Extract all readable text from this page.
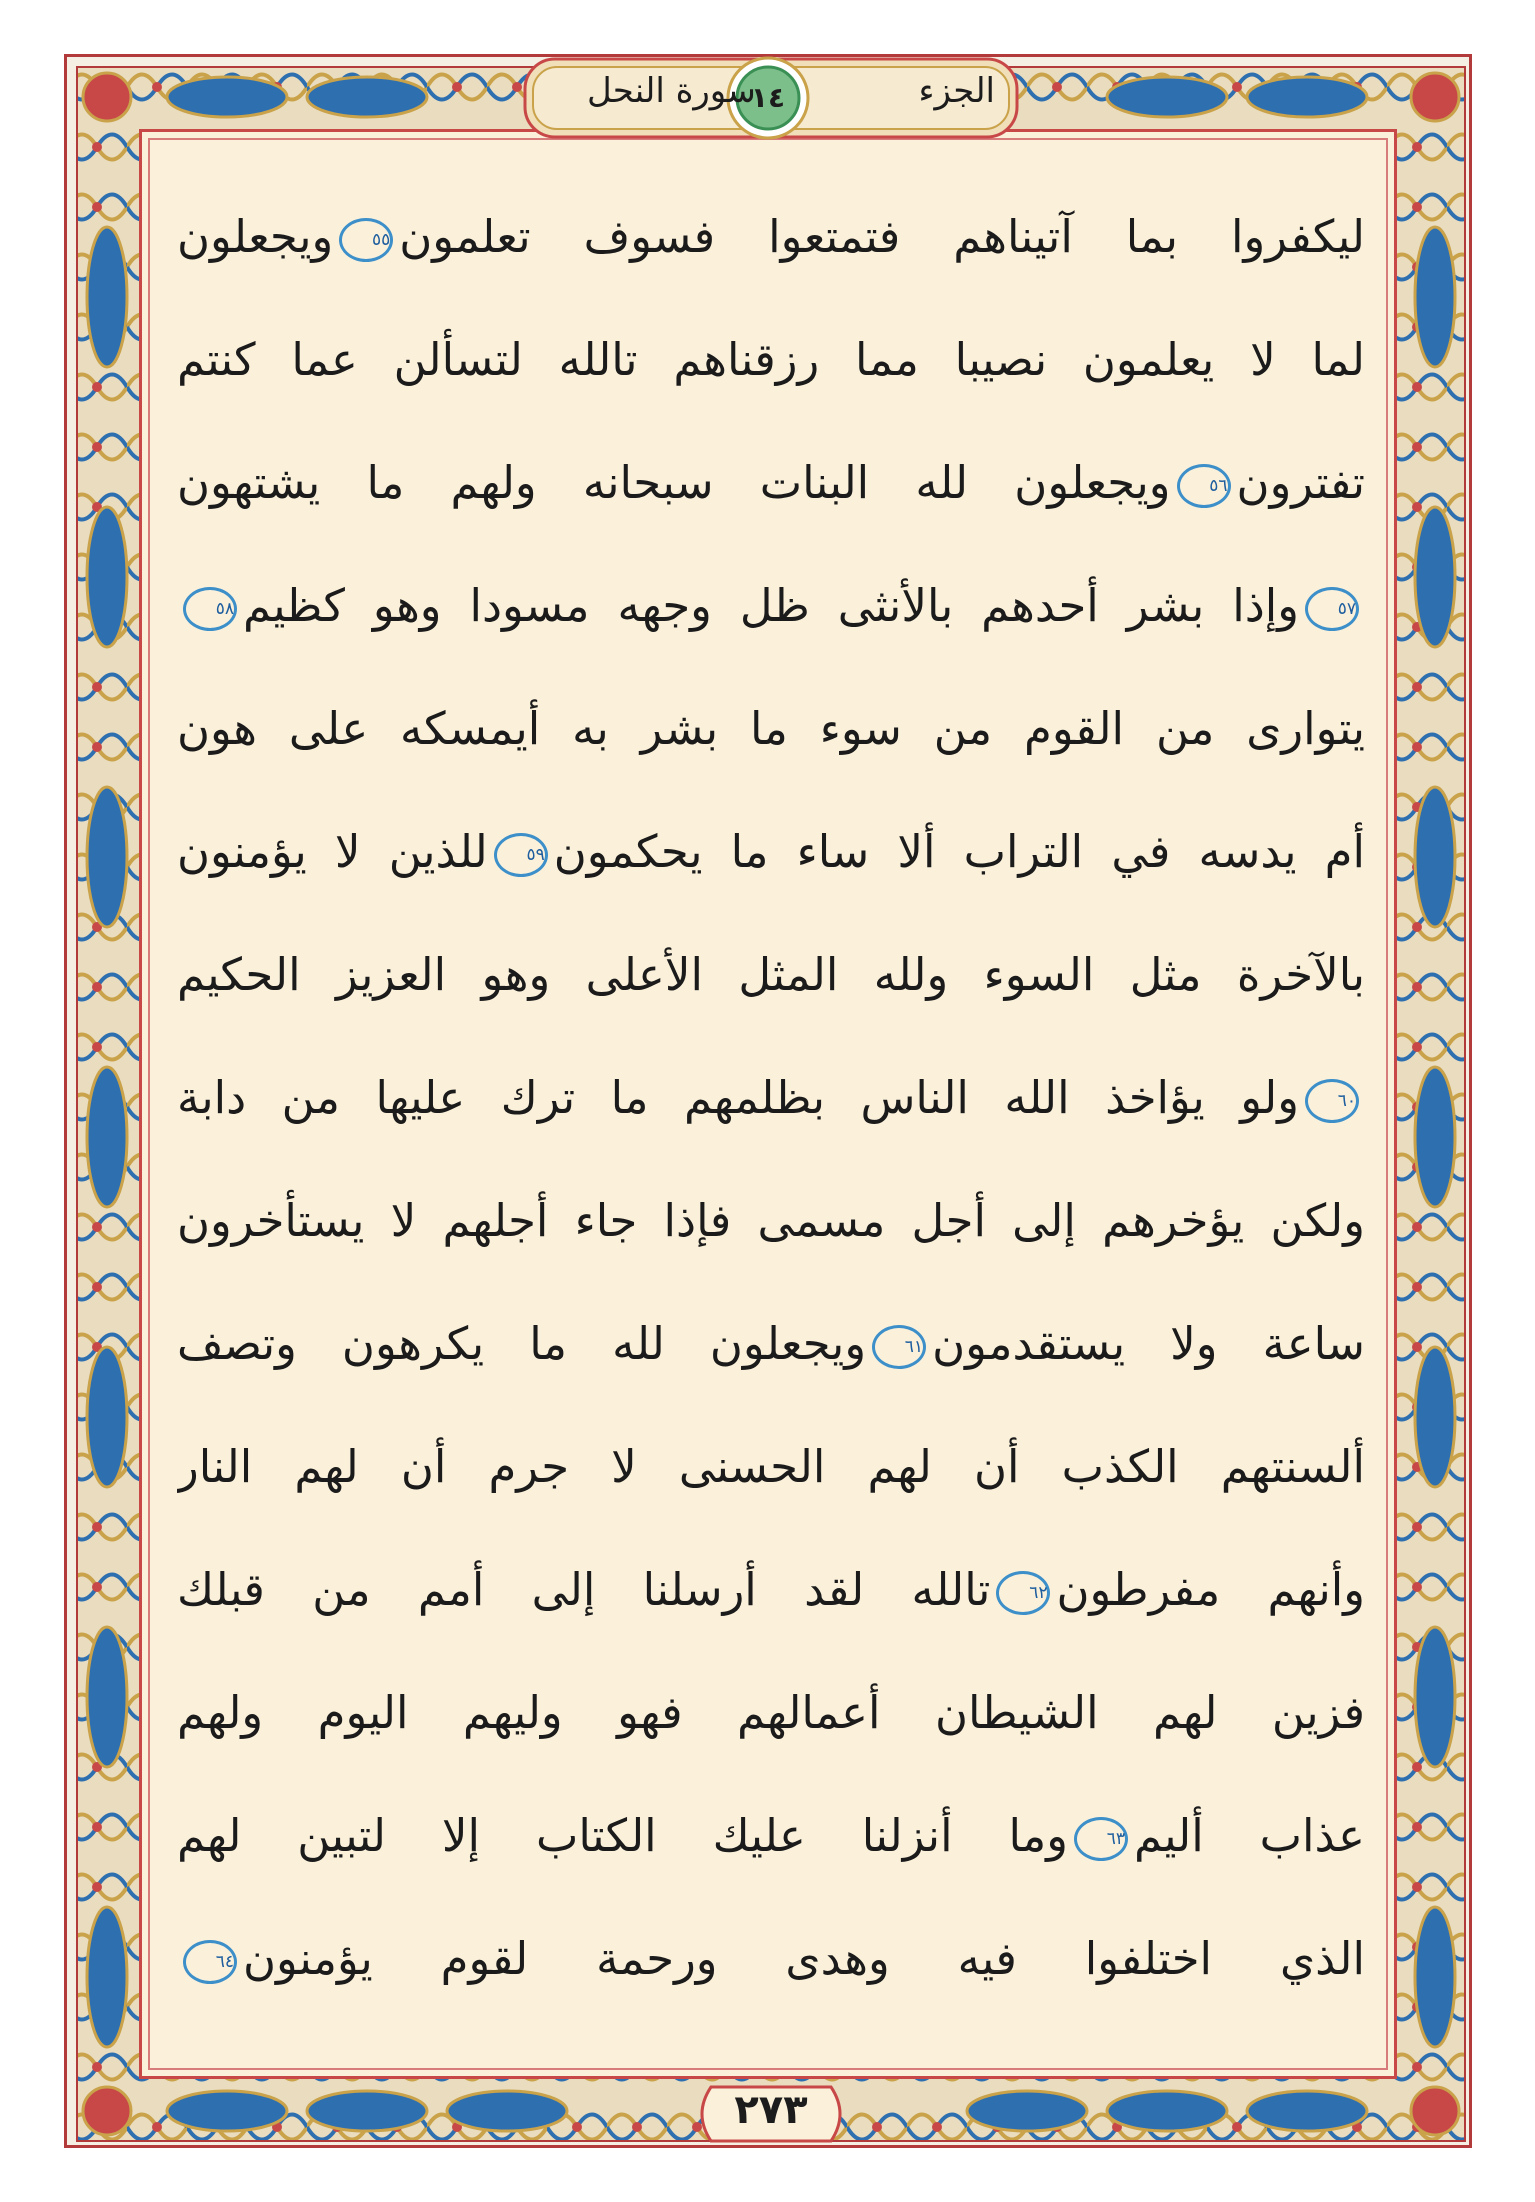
الجزء
١٤
سورة النحل
ليكفروا بما آتيناهم فتمتعوا فسوف تعلمون٥٥ويجعلون
لما لا يعلمون نصيبا مما رزقناهم تالله لتسألن عما كنتم
تفترون٥٦ويجعلون لله البنات سبحانه ولهم ما يشتهون
٥٧وإذا بشر أحدهم بالأنثى ظل وجهه مسودا وهو كظيم٥٨
يتوارى من القوم من سوء ما بشر به أيمسكه على هون
أم يدسه في التراب ألا ساء ما يحكمون٥٩للذين لا يؤمنون
بالآخرة مثل السوء ولله المثل الأعلى وهو العزيز الحكيم
٦٠ولو يؤاخذ الله الناس بظلمهم ما ترك عليها من دابة
ولكن يؤخرهم إلى أجل مسمى فإذا جاء أجلهم لا يستأخرون
ساعة ولا يستقدمون٦١ويجعلون لله ما يكرهون وتصف
ألسنتهم الكذب أن لهم الحسنى لا جرم أن لهم النار
وأنهم مفرطون٦٢تالله لقد أرسلنا إلى أمم من قبلك
فزين لهم الشيطان أعمالهم فهو وليهم اليوم ولهم
عذاب أليم٦٣وما أنزلنا عليك الكتاب إلا لتبين لهم
الذي اختلفوا فيه وهدى ورحمة لقوم يؤمنون٦٤
٢٧٣
